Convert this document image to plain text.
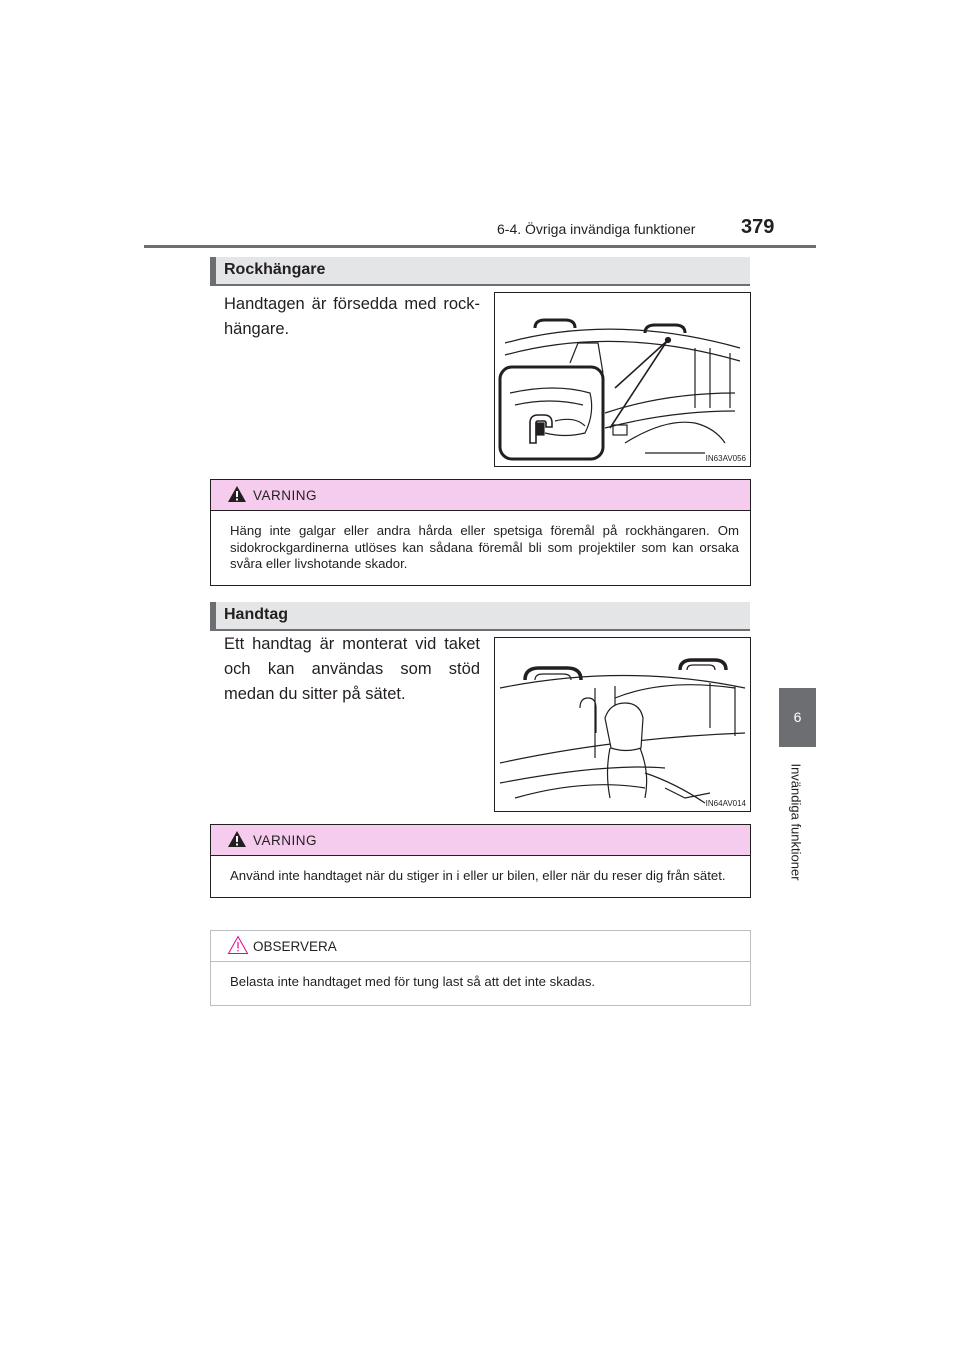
6-4. Övriga invändiga funktioner 379
6
Invändiga funktioner
Rockhängare
Handtagen är försedda med rock-hängare.
IN63AV056
VARNING
Häng inte galgar eller andra hårda eller spetsiga föremål på rockhängaren. Om sidokrockgardinerna utlöses kan sådana föremål bli som projektiler som kan orsaka svåra eller livshotande skador.
Handtag
Ett handtag är monterat vid taket och kan användas som stöd medan du sitter på sätet.
IN64AV014
VARNING
Använd inte handtaget när du stiger in i eller ur bilen, eller när du reser dig från sätet.
OBSERVERA
Belasta inte handtaget med för tung last så att det inte skadas.
